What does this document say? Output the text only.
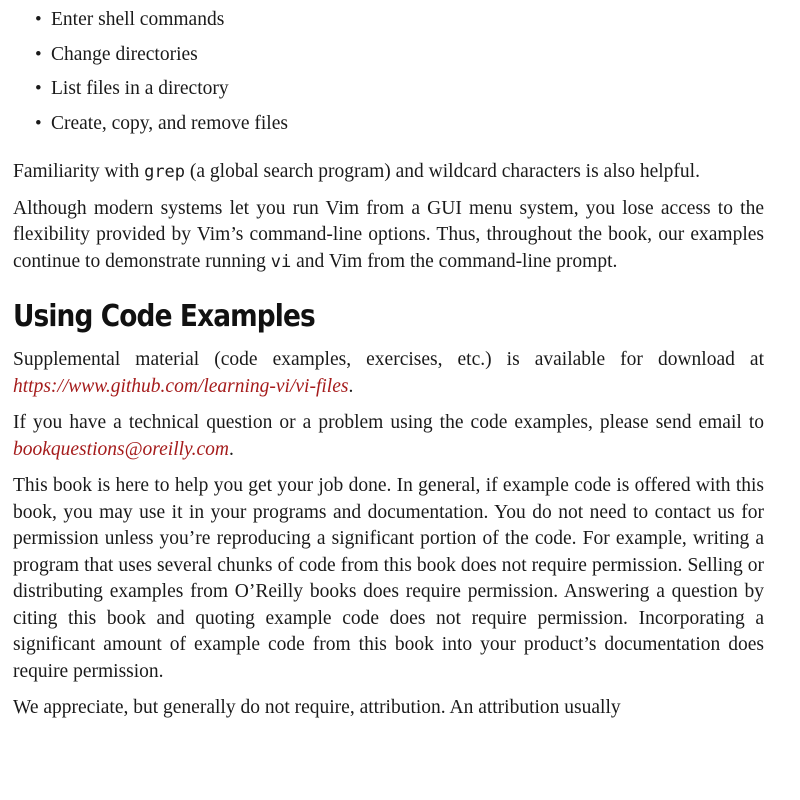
• Enter shell commands
• Change directories
• List files in a directory
• Create, copy, and remove files

Familiarity with grep (a global search program) and wildcard characters is also helpful.

Although modern systems let you run Vim from a GUI menu system, you lose access to the flexibility provided by Vim’s command-line options. Thus, throughout the book, our examples continue to demonstrate running vi and Vim from the command-line prompt.

Using Code Examples

Supplemental material (code examples, exercises, etc.) is available for download at https://www.github.com/learning-vi/vi-files.

If you have a technical question or a problem using the code examples, please send email to bookquestions@oreilly.com.

This book is here to help you get your job done. In general, if example code is offered with this book, you may use it in your programs and documentation. You do not need to contact us for permission unless you’re reproducing a significant portion of the code. For example, writing a program that uses several chunks of code from this book does not require permission. Selling or distributing examples from O’Reilly books does require permission. Answering a question by citing this book and quoting example code does not require permission. Incorporating a significant amount of example code from this book into your product’s documentation does require permission.

We appreciate, but generally do not require, attribution. An attribution usually
